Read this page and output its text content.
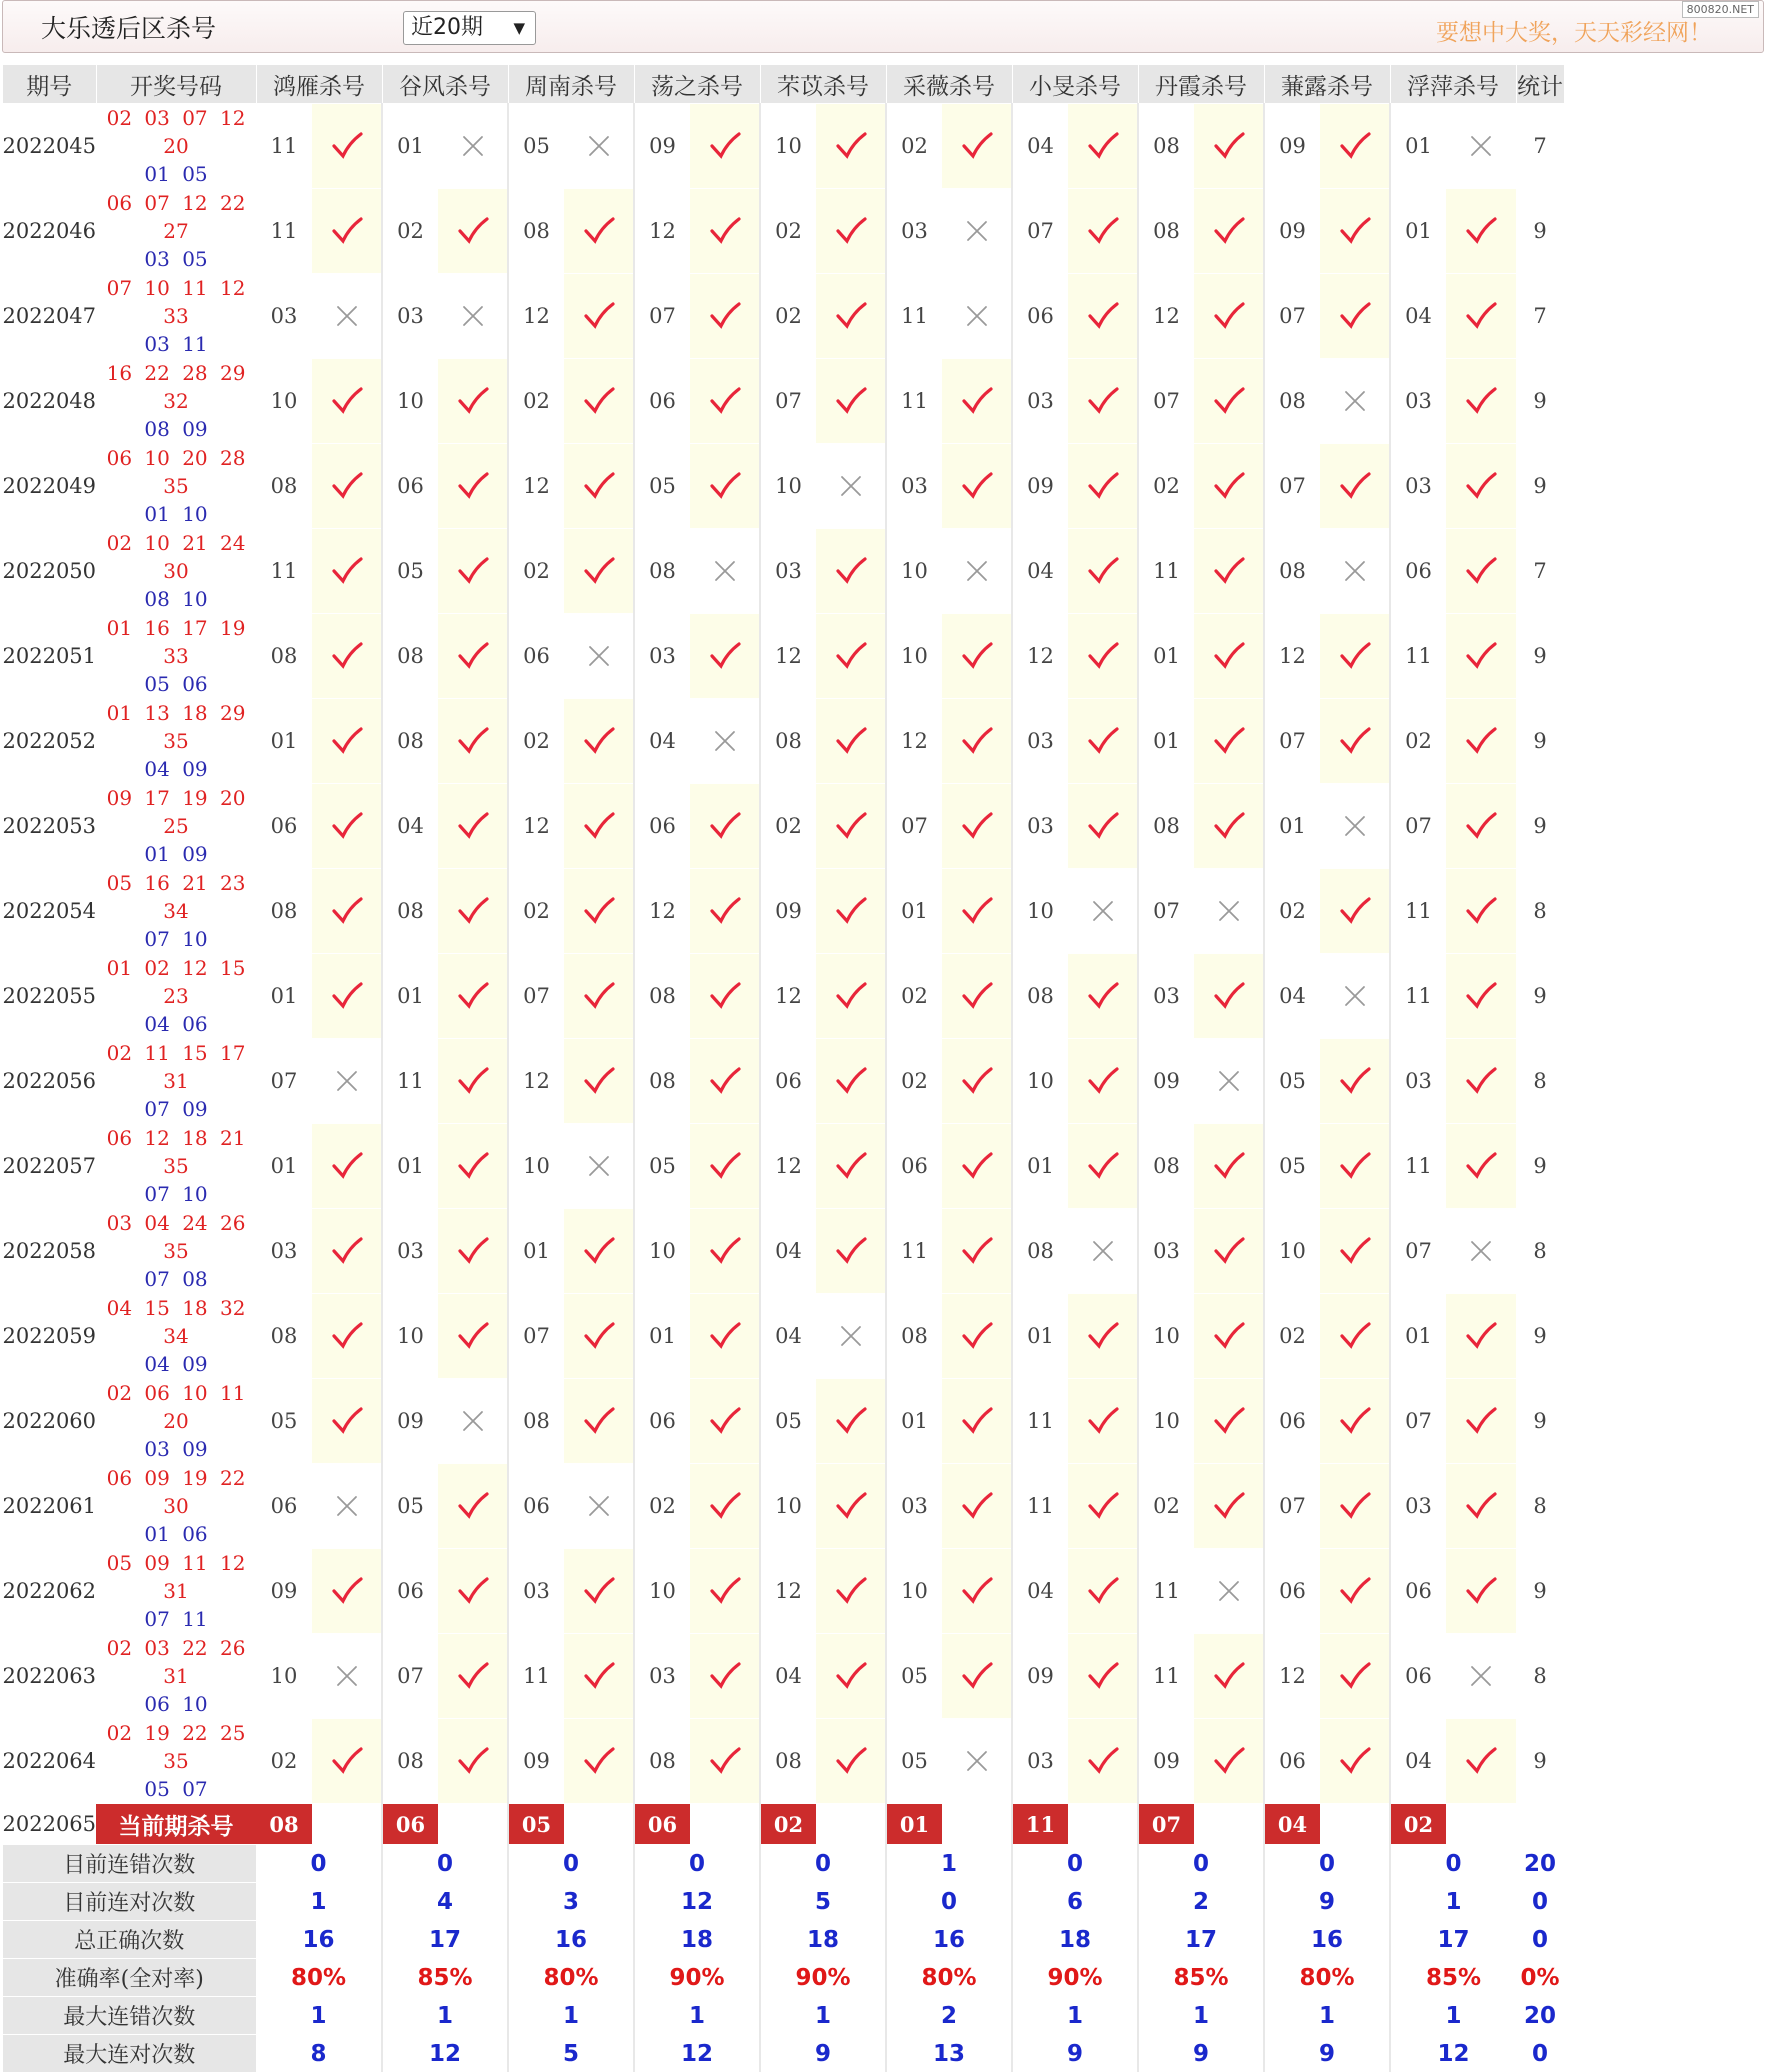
大乐透后区杀号	近20期 ▼	要想中大奖，天天彩经网！
800820.NET
期号	开奖号码	鸿雁杀号		谷风杀号		周南杀号		荡之杀号		芣苡杀号		采薇杀号		小旻杀号		丹霞杀号		蒹露杀号		浮萍杀号		统计
2022045	02 03 07 12 20
01 05	11		01		05		09		10		02		04		08		09		01		7
2022046	06 07 12 22 27
03 05	11		02		08		12		02		03		07		08		09		01		9
2022047	07 10 11 12 33
03 11	03		03		12		07		02		11		06		12		07		04		7
2022048	16 22 28 29 32
08 09	10		10		02		06		07		11		03		07		08		03		9
2022049	06 10 20 28 35
01 10	08		06		12		05		10		03		09		02		07		03		9
2022050	02 10 21 24 30
08 10	11		05		02		08		03		10		04		11		08		06		7
2022051	01 16 17 19 33
05 06	08		08		06		03		12		10		12		01		12		11		9
2022052	01 13 18 29 35
04 09	01		08		02		04		08		12		03		01		07		02		9
2022053	09 17 19 20 25
01 09	06		04		12		06		02		07		03		08		01		07		9
2022054	05 16 21 23 34
07 10	08		08		02		12		09		01		10		07		02		11		8
2022055	01 02 12 15 23
04 06	01		01		07		08		12		02		08		03		04		11		9
2022056	02 11 15 17 31
07 09	07		11		12		08		06		02		10		09		05		03		8
2022057	06 12 18 21 35
07 10	01		01		10		05		12		06		01		08		05		11		9
2022058	03 04 24 26 35
07 08	03		03		01		10		04		11		08		03		10		07		8
2022059	04 15 18 32 34
04 09	08		10		07		01		04		08		01		10		02		01		9
2022060	02 06 10 11 20
03 09	05		09		08		06		05		01		11		10		06		07		9
2022061	06 09 19 22 30
01 06	06		05		06		02		10		03		11		02		07		03		8
2022062	05 09 11 12 31
07 11	09		06		03		10		12		10		04		11		06		06		9
2022063	02 03 22 26 31
06 10	10		07		11		03		04		05		09		11		12		06		8
2022064	02 19 22 25 35
05 07	02		08		09		08		08		05		03		09		06		04		9
2022065	当前期杀号	08		06		05		06		02		01		11		07		04		02		
目前连错次数		0		0		0		0		0		1		0		0		0		0		20
目前连对次数		1		4		3		12		5		0		6		2		9		1		0
总正确次数		16		17		16		18		18		16		18		17		16		17		0
准确率(全对率)		80%		85%		80%		90%		90%		80%		90%		85%		80%		85%		0%
最大连错次数		1		1		1		1		1		2		1		1		1		1		20
最大连对次数		8		12		5		12		9		13		9		9		9		12		0
